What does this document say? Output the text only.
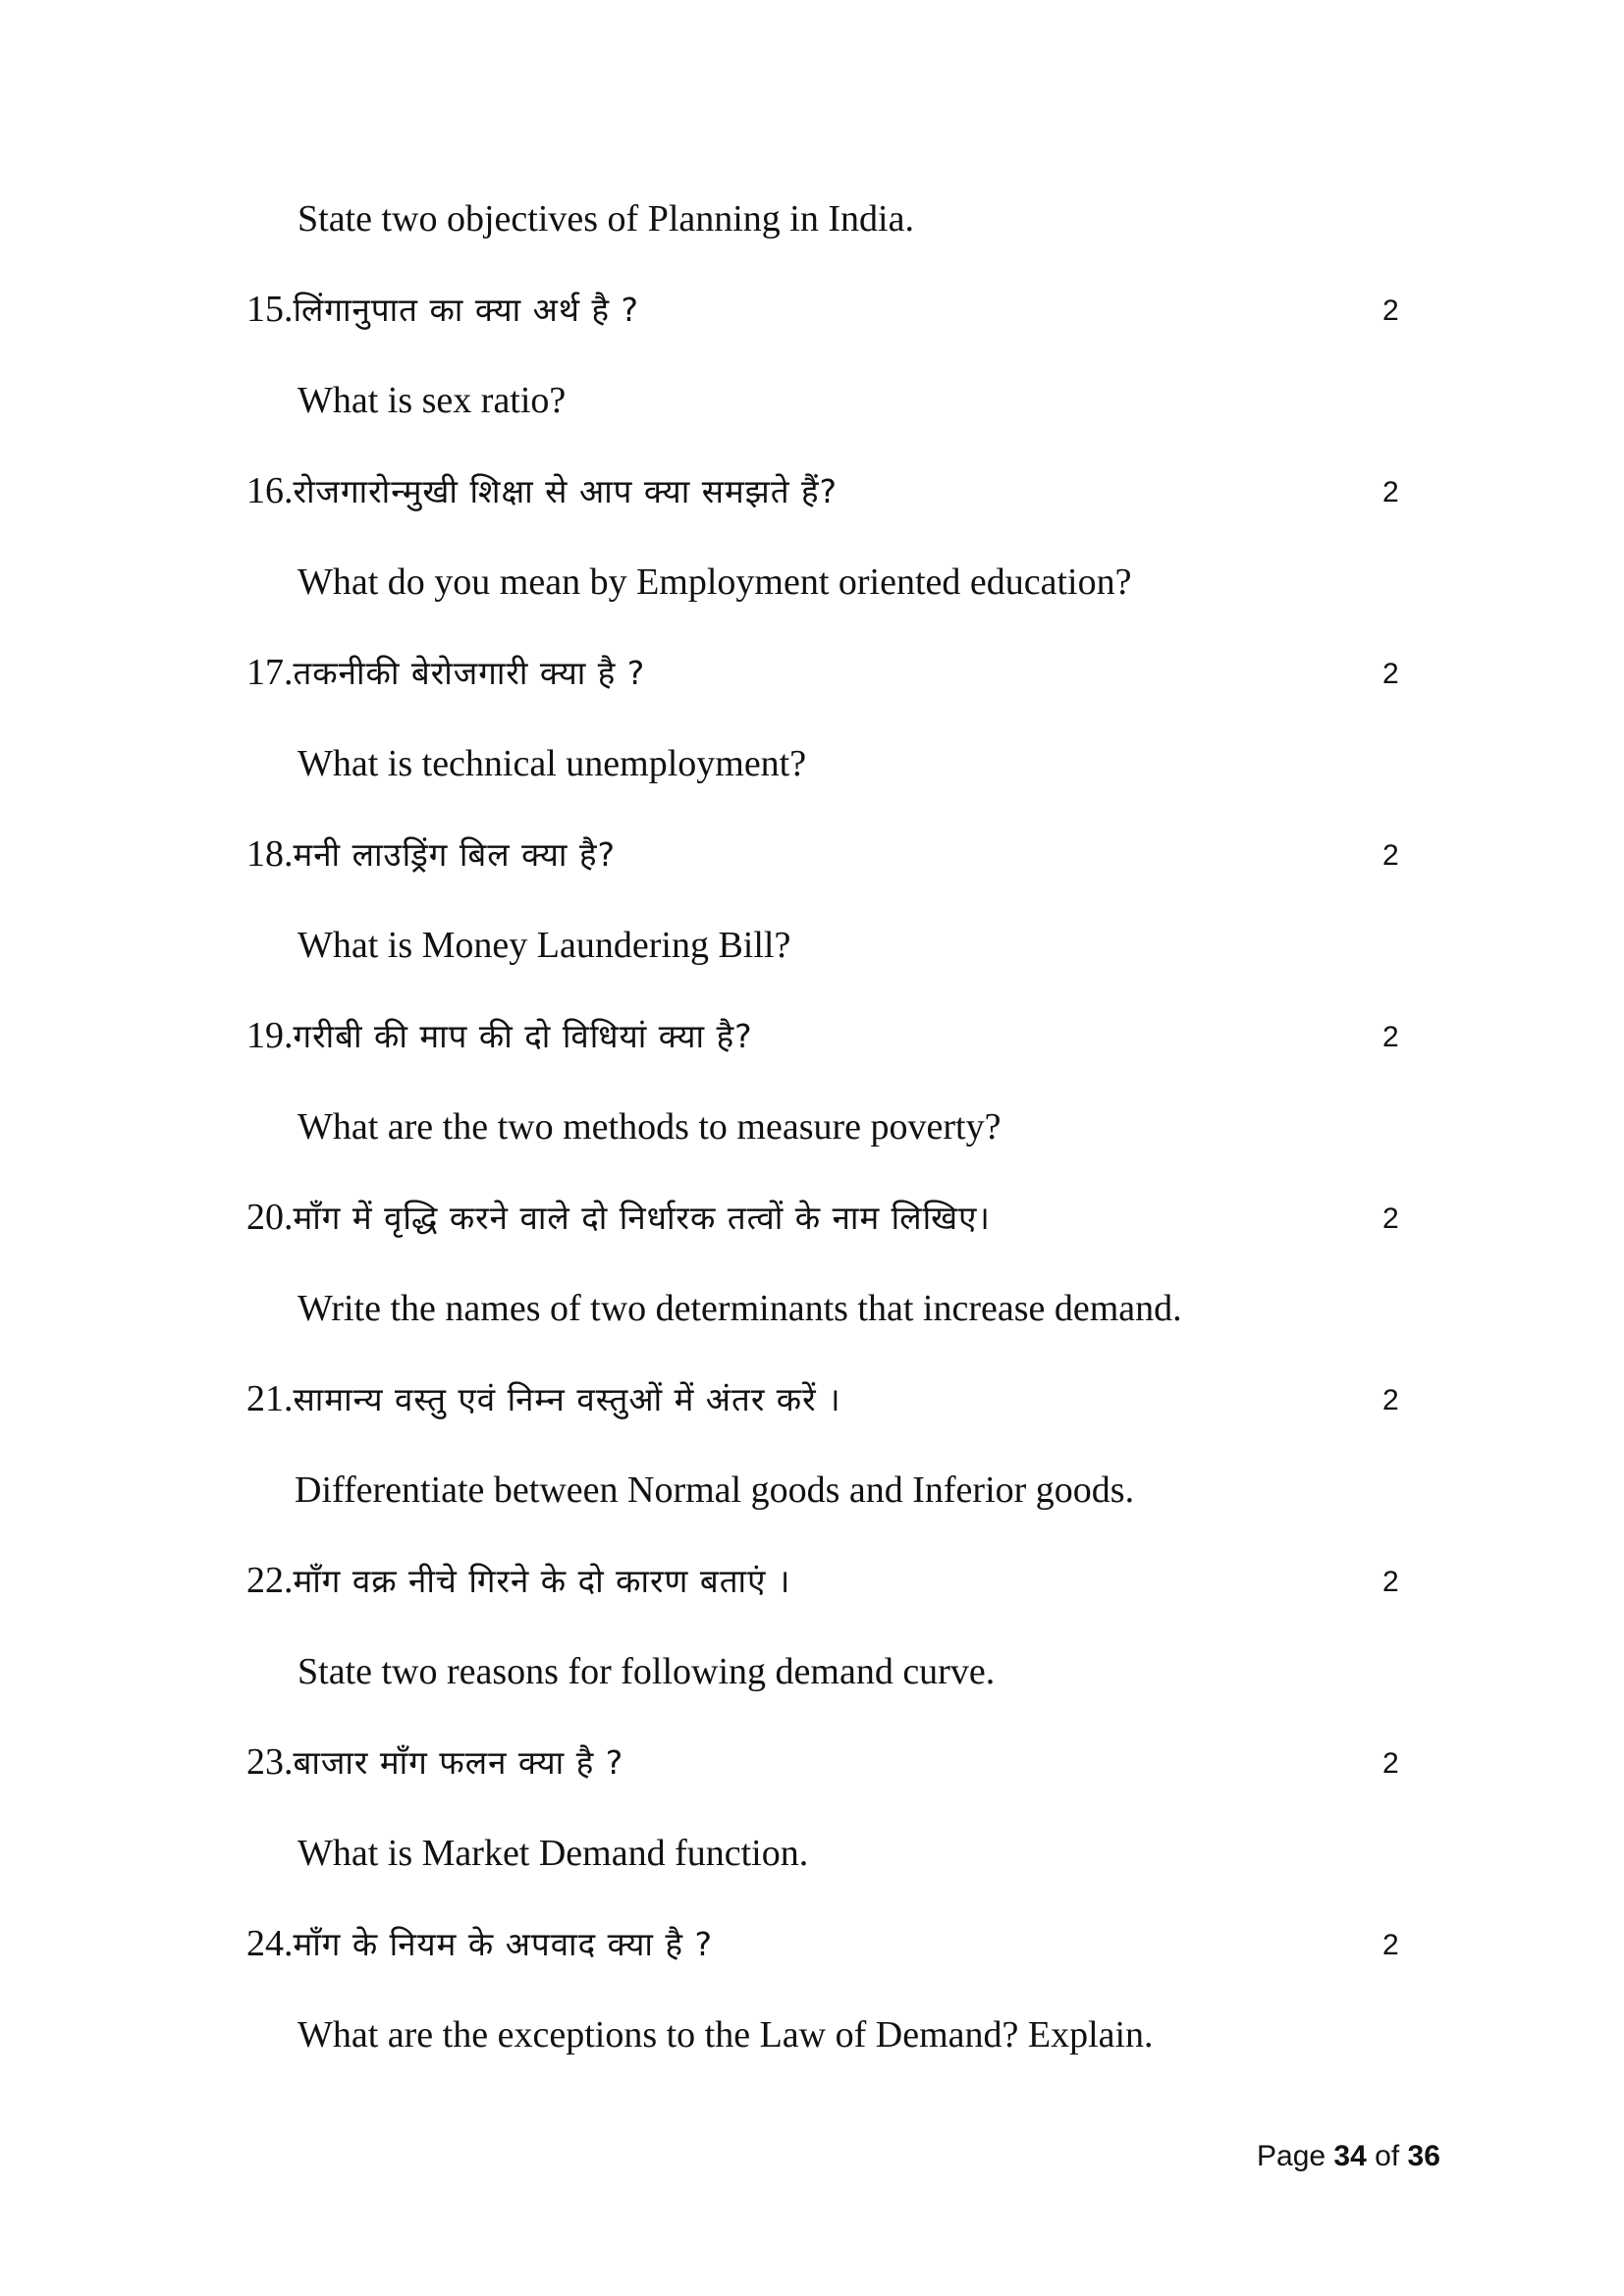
State two objectives of Planning in India.
15.लिंगानुपात का क्या अर्थ है ?	2
What is sex ratio?
16.रोजगारोन्मुखी शिक्षा से आप क्या समझते हैं?	2
What do you mean by Employment oriented education?
17.तकनीकी बेरोजगारी क्या है ?	2
What is technical unemployment?
18.मनी लाउड्रिंग बिल क्या है?	2
What is Money Laundering Bill?
19.गरीबी की माप की दो विधियां क्या है?	2
What are the two methods to measure poverty?
20.माँग में वृद्धि करने वाले दो निर्धारक तत्वों के नाम लिखिए।	2
Write the names of two determinants that increase demand.
21.सामान्य वस्तु एवं निम्न वस्तुओं में अंतर करें ।	2
Differentiate between Normal goods and Inferior goods.
22.माँग वक्र नीचे गिरने के दो कारण बताएं ।	2
State two reasons for following demand curve.
23.बाजार माँग फलन क्या है ?	2
What is Market Demand function.
24.माँग के नियम के अपवाद क्या है ?	2
What are the exceptions to the Law of Demand? Explain.
Page 34 of 36
